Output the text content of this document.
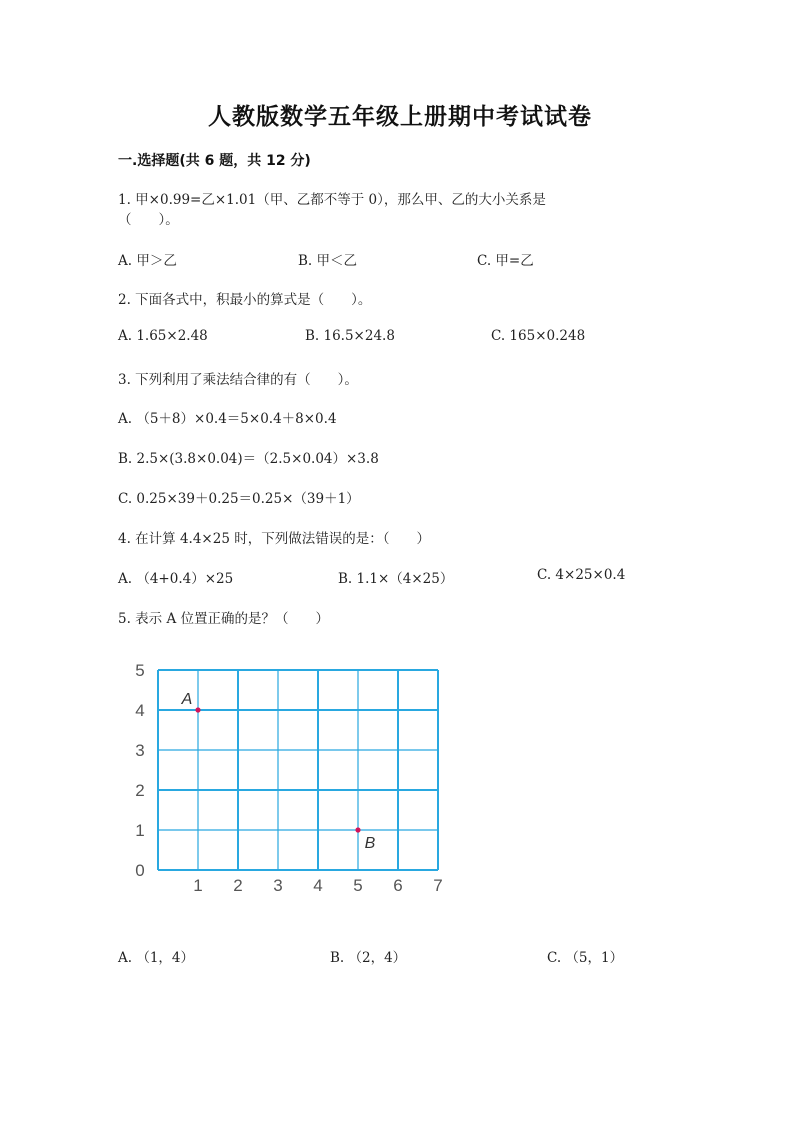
人教版数学五年级上册期中考试试卷
一.选择题(共 6 题，共 12 分)
1. 甲×0.99=乙×1.01（甲、乙都不等于 0），那么甲、乙的大小关系是
（　　）。
A. 甲＞乙	B. 甲＜乙	C. 甲=乙
2. 下面各式中，积最小的算式是（　　）。
A. 1.65×2.48	B. 16.5×24.8	C. 165×0.248
3. 下列利用了乘法结合律的有（　　）。
A. （5＋8）×0.4＝5×0.4＋8×0.4
B. 2.5×(3.8×0.04)＝（2.5×0.04）×3.8
C. 0.25×39＋0.25＝0.25×（39＋1）
4. 在计算 4.4×25 时，下列做法错误的是：（　　）
A. （4+0.4）×25	B. 1.1×（4×25）	C. 4×25×0.4
5. 表示 A 位置正确的是？（　　）
1 2 3 4 5 6 7
0
1
2
3
4
5
A
B
A. （1，4）	B. （2，4）	C. （5，1）
